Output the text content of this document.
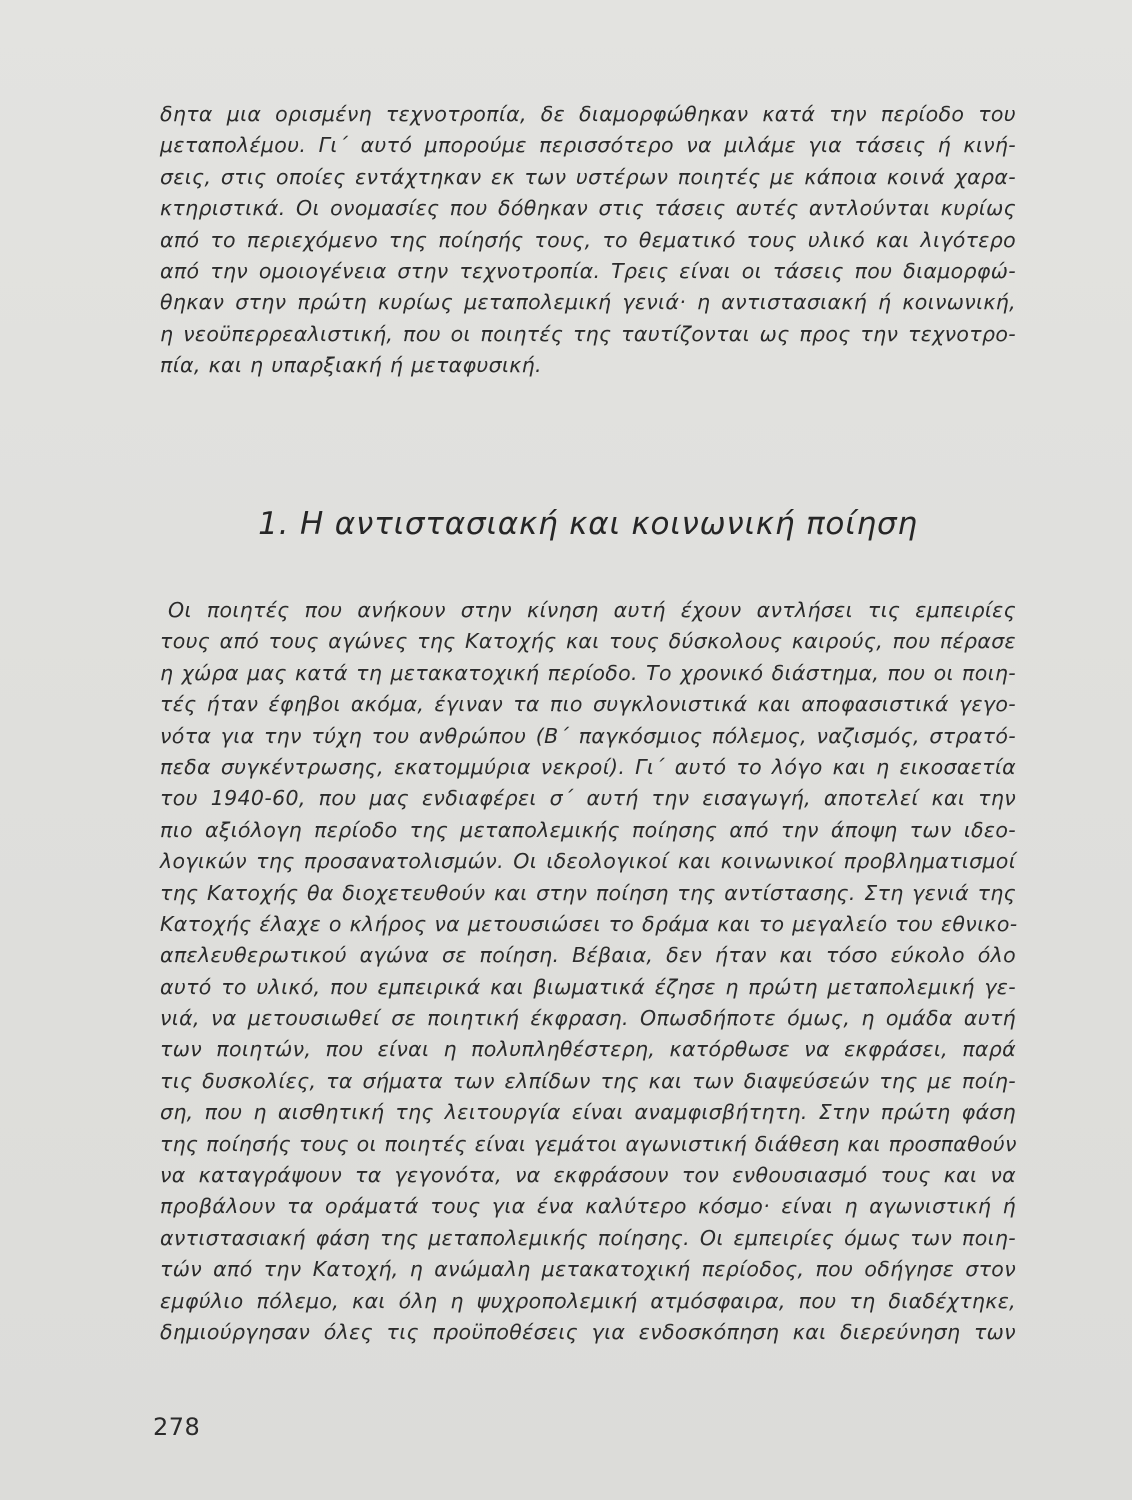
δητα μια ορισμένη τεχνοτροπία, δε διαμορφώθηκαν κατά την περίοδο του
μεταπολέμου. Γι΄ αυτό μπορούμε περισσότερο να μιλάμε για τάσεις ή κινή-
σεις, στις οποίες εντάχτηκαν εκ των υστέρων ποιητές με κάποια κοινά χαρα-
κτηριστικά. Οι ονομασίες που δόθηκαν στις τάσεις αυτές αντλούνται κυρίως
από το περιεχόμενο της ποίησής τους, το θεματικό τους υλικό και λιγότερο
από την ομοιογένεια στην τεχνοτροπία. Τρεις είναι οι τάσεις που διαμορφώ-
θηκαν στην πρώτη κυρίως μεταπολεμική γενιά· η αντιστασιακή ή κοινωνική,
η νεοϋπερρεαλιστική, που οι ποιητές της ταυτίζονται ως προς την τεχνοτρο-
πία, και η υπαρξιακή ή μεταφυσική.
1. Η αντιστασιακή και κοινωνική ποίηση
Οι ποιητές που ανήκουν στην κίνηση αυτή έχουν αντλήσει τις εμπειρίες
τους από τους αγώνες της Κατοχής και τους δύσκολους καιρούς, που πέρασε
η χώρα μας κατά τη μετακατοχική περίοδο. Το χρονικό διάστημα, που οι ποιη-
τές ήταν έφηβοι ακόμα, έγιναν τα πιο συγκλονιστικά και αποφασιστικά γεγο-
νότα για την τύχη του ανθρώπου (Β΄ παγκόσμιος πόλεμος, ναζισμός, στρατό-
πεδα συγκέντρωσης, εκατομμύρια νεκροί). Γι΄ αυτό το λόγο και η εικοσαετία
του 1940-60, που μας ενδιαφέρει σ΄ αυτή την εισαγωγή, αποτελεί και την
πιο αξιόλογη περίοδο της μεταπολεμικής ποίησης από την άποψη των ιδεο-
λογικών της προσανατολισμών. Οι ιδεολογικοί και κοινωνικοί προβληματισμοί
της Κατοχής θα διοχετευθούν και στην ποίηση της αντίστασης. Στη γενιά της
Κατοχής έλαχε ο κλήρος να μετουσιώσει το δράμα και το μεγαλείο του εθνικο-
απελευθερωτικού αγώνα σε ποίηση. Βέβαια, δεν ήταν και τόσο εύκολο όλο
αυτό το υλικό, που εμπειρικά και βιωματικά έζησε η πρώτη μεταπολεμική γε-
νιά, να μετουσιωθεί σε ποιητική έκφραση. Οπωσδήποτε όμως, η ομάδα αυτή
των ποιητών, που είναι η πολυπληθέστερη, κατόρθωσε να εκφράσει, παρά
τις δυσκολίες, τα σήματα των ελπίδων της και των διαψεύσεών της με ποίη-
ση, που η αισθητική της λειτουργία είναι αναμφισβήτητη. Στην πρώτη φάση
της ποίησής τους οι ποιητές είναι γεμάτοι αγωνιστική διάθεση και προσπαθούν
να καταγράψουν τα γεγονότα, να εκφράσουν τον ενθουσιασμό τους και να
προβάλουν τα οράματά τους για ένα καλύτερο κόσμο· είναι η αγωνιστική ή
αντιστασιακή φάση της μεταπολεμικής ποίησης. Οι εμπειρίες όμως των ποιη-
τών από την Κατοχή, η ανώμαλη μετακατοχική περίοδος, που οδήγησε στον
εμφύλιο πόλεμο, και όλη η ψυχροπολεμική ατμόσφαιρα, που τη διαδέχτηκε,
δημιούργησαν όλες τις προϋποθέσεις για ενδοσκόπηση και διερεύνηση των
278
